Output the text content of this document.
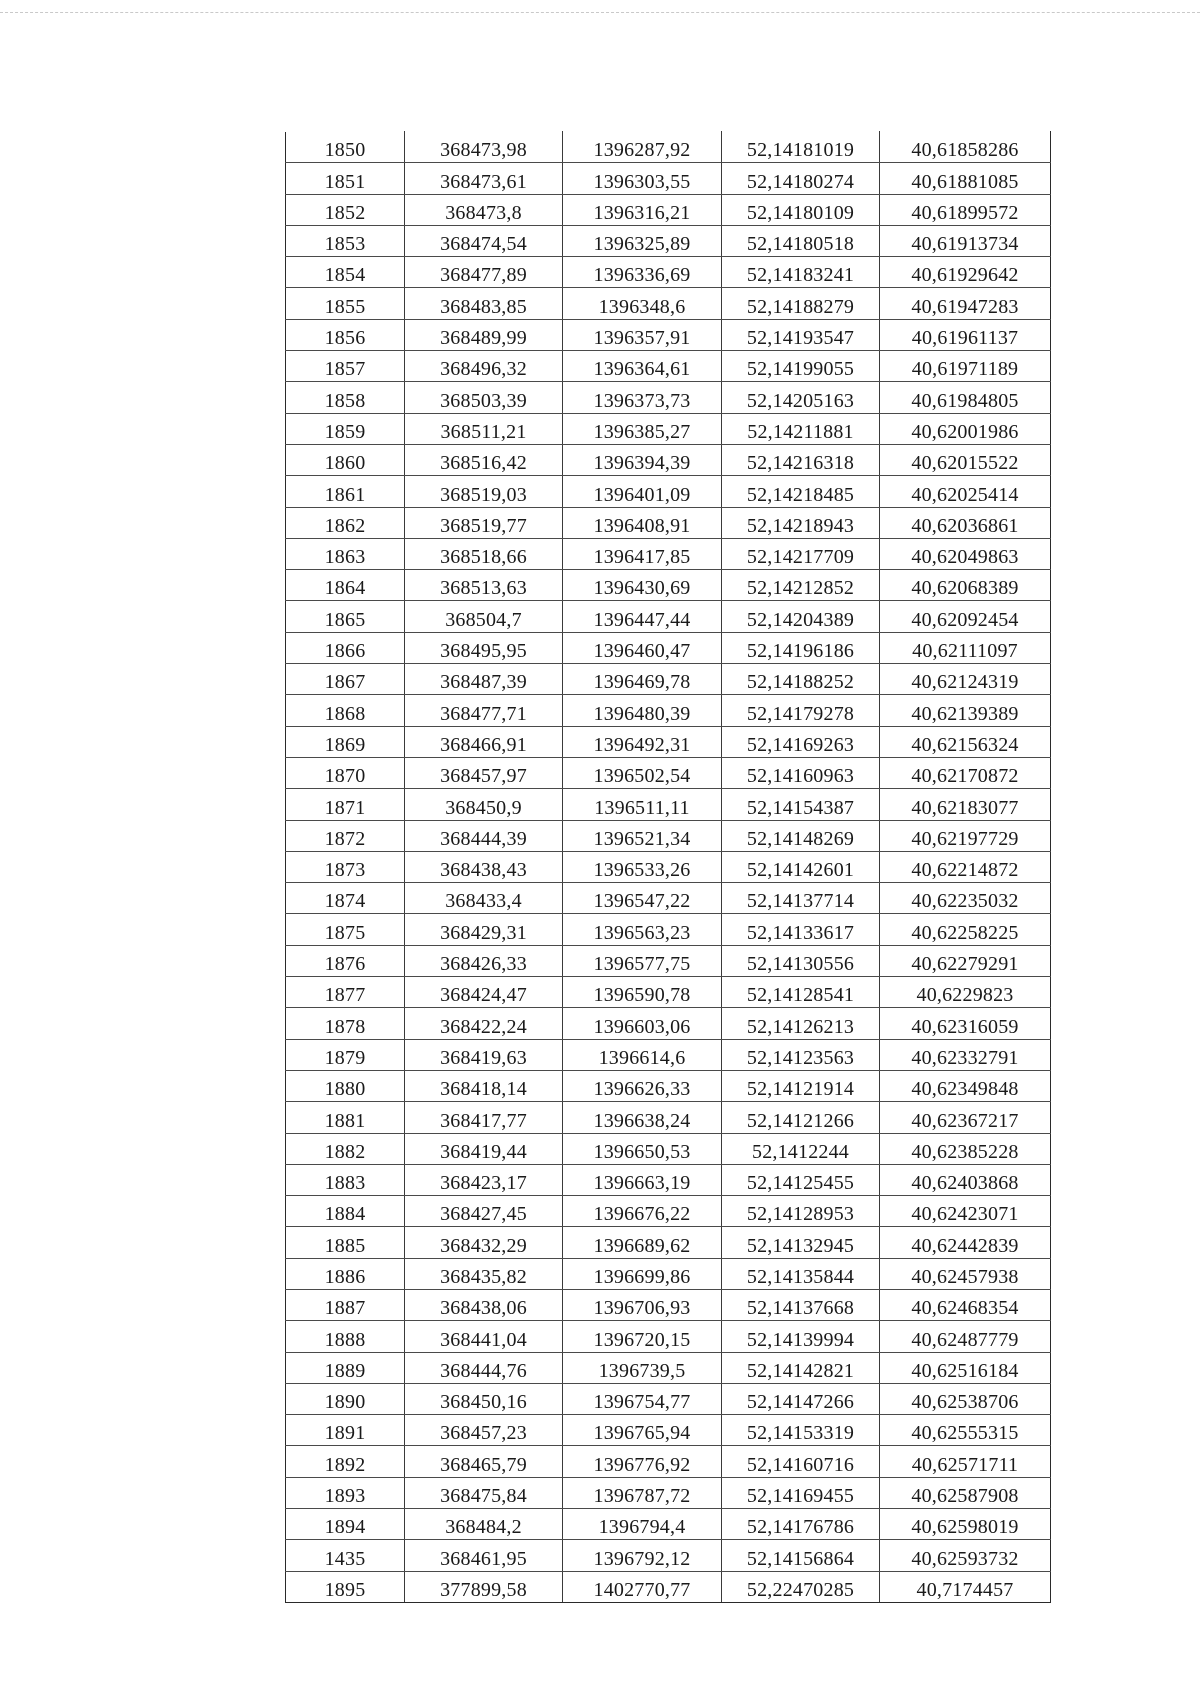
1850	368473,98	1396287,92	52,14181019	40,61858286
1851	368473,61	1396303,55	52,14180274	40,61881085
1852	368473,8	1396316,21	52,14180109	40,61899572
1853	368474,54	1396325,89	52,14180518	40,61913734
1854	368477,89	1396336,69	52,14183241	40,61929642
1855	368483,85	1396348,6	52,14188279	40,61947283
1856	368489,99	1396357,91	52,14193547	40,61961137
1857	368496,32	1396364,61	52,14199055	40,61971189
1858	368503,39	1396373,73	52,14205163	40,61984805
1859	368511,21	1396385,27	52,14211881	40,62001986
1860	368516,42	1396394,39	52,14216318	40,62015522
1861	368519,03	1396401,09	52,14218485	40,62025414
1862	368519,77	1396408,91	52,14218943	40,62036861
1863	368518,66	1396417,85	52,14217709	40,62049863
1864	368513,63	1396430,69	52,14212852	40,62068389
1865	368504,7	1396447,44	52,14204389	40,62092454
1866	368495,95	1396460,47	52,14196186	40,62111097
1867	368487,39	1396469,78	52,14188252	40,62124319
1868	368477,71	1396480,39	52,14179278	40,62139389
1869	368466,91	1396492,31	52,14169263	40,62156324
1870	368457,97	1396502,54	52,14160963	40,62170872
1871	368450,9	1396511,11	52,14154387	40,62183077
1872	368444,39	1396521,34	52,14148269	40,62197729
1873	368438,43	1396533,26	52,14142601	40,62214872
1874	368433,4	1396547,22	52,14137714	40,62235032
1875	368429,31	1396563,23	52,14133617	40,62258225
1876	368426,33	1396577,75	52,14130556	40,62279291
1877	368424,47	1396590,78	52,14128541	40,6229823
1878	368422,24	1396603,06	52,14126213	40,62316059
1879	368419,63	1396614,6	52,14123563	40,62332791
1880	368418,14	1396626,33	52,14121914	40,62349848
1881	368417,77	1396638,24	52,14121266	40,62367217
1882	368419,44	1396650,53	52,1412244	40,62385228
1883	368423,17	1396663,19	52,14125455	40,62403868
1884	368427,45	1396676,22	52,14128953	40,62423071
1885	368432,29	1396689,62	52,14132945	40,62442839
1886	368435,82	1396699,86	52,14135844	40,62457938
1887	368438,06	1396706,93	52,14137668	40,62468354
1888	368441,04	1396720,15	52,14139994	40,62487779
1889	368444,76	1396739,5	52,14142821	40,62516184
1890	368450,16	1396754,77	52,14147266	40,62538706
1891	368457,23	1396765,94	52,14153319	40,62555315
1892	368465,79	1396776,92	52,14160716	40,62571711
1893	368475,84	1396787,72	52,14169455	40,62587908
1894	368484,2	1396794,4	52,14176786	40,62598019
1435	368461,95	1396792,12	52,14156864	40,62593732
1895	377899,58	1402770,77	52,22470285	40,7174457
